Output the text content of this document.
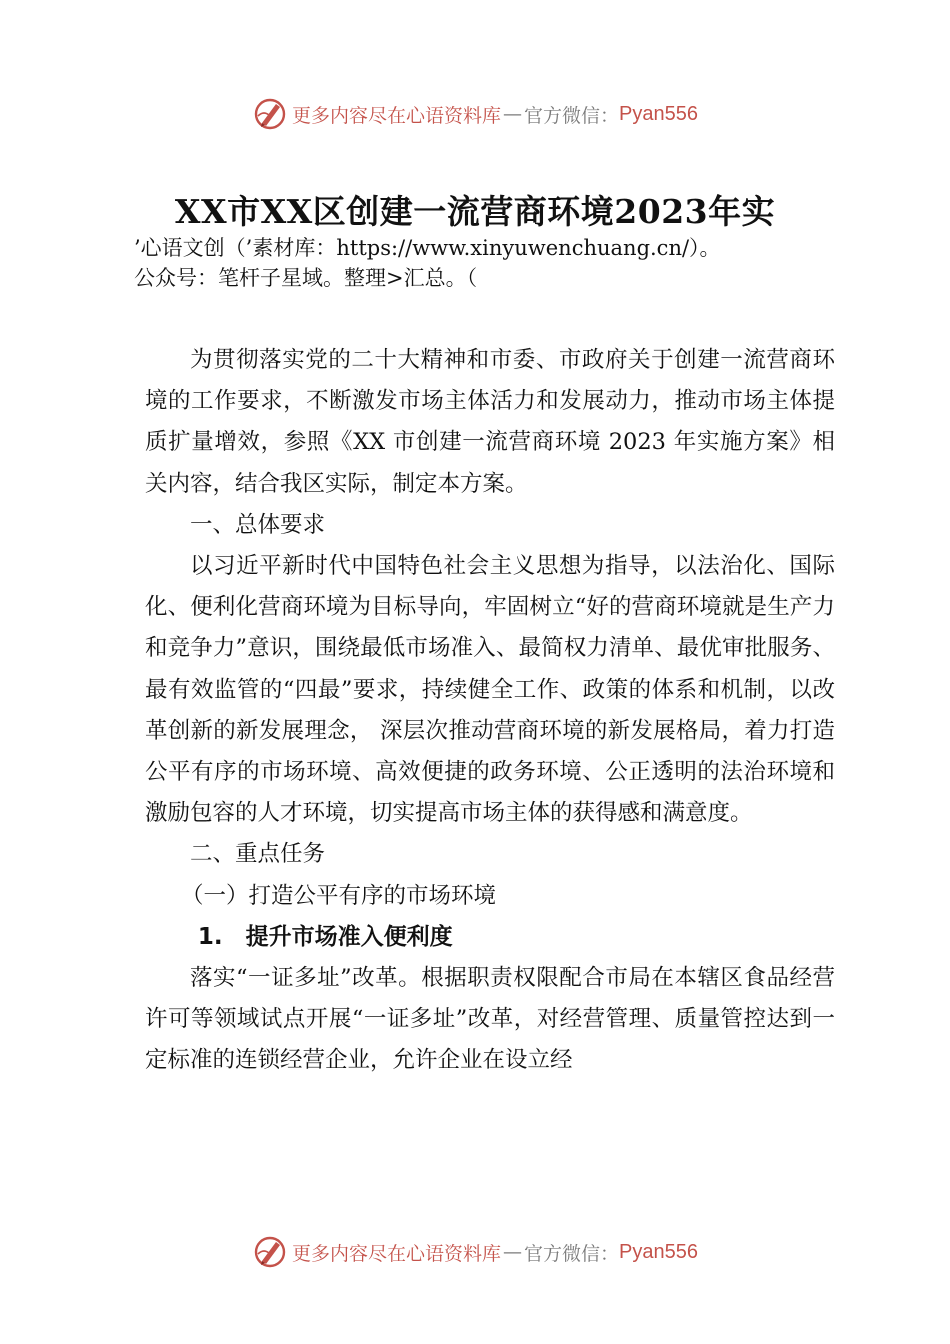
更多内容尽在心语资料库 — 官方微信： Pyan556
XX市XX区创建一流营商环境2023年实
’心语文创（’素材库：https://www.xinyuwenchuang.cn/）。
公众号：笔杆子星域。整理>汇总。（

为贯彻落实党的二十大精神和市委、市政府关于创建一流营商环境的工作要求，不断激发市场主体活力和发展动力，推动市场主体提质扩量增效，参照《XX 市创建一流营商环境 2023 年实施方案》相关内容，结合我区实际，制定本方案。

一、总体要求

以习近平新时代中国特色社会主义思想为指导，以法治化、国际化、便利化营商环境为目标导向，牢固树立“好的营商环境就是生产力和竞争力”意识，围绕最低市场准入、最简权力清单、最优审批服务、最有效监管的“四最”要求，持续健全工作、政策的体系和机制，以改革创新的新发展理念， 深层次推动营商环境的新发展格局，着力打造公平有序的市场环境、高效便捷的政务环境、公正透明的法治环境和激励包容的人才环境，切实提高市场主体的获得感和满意度。

二、重点任务

（一）打造公平有序的市场环境

1.　提升市场准入便利度

落实“一证多址”改革。根据职责权限配合市局在本辖区食品经营许可等领域试点开展“一证多址”改革，对经营管理、质量管控达到一定标准的连锁经营企业，允许企业在设立经

更多内容尽在心语资料库 — 官方微信： Pyan556
